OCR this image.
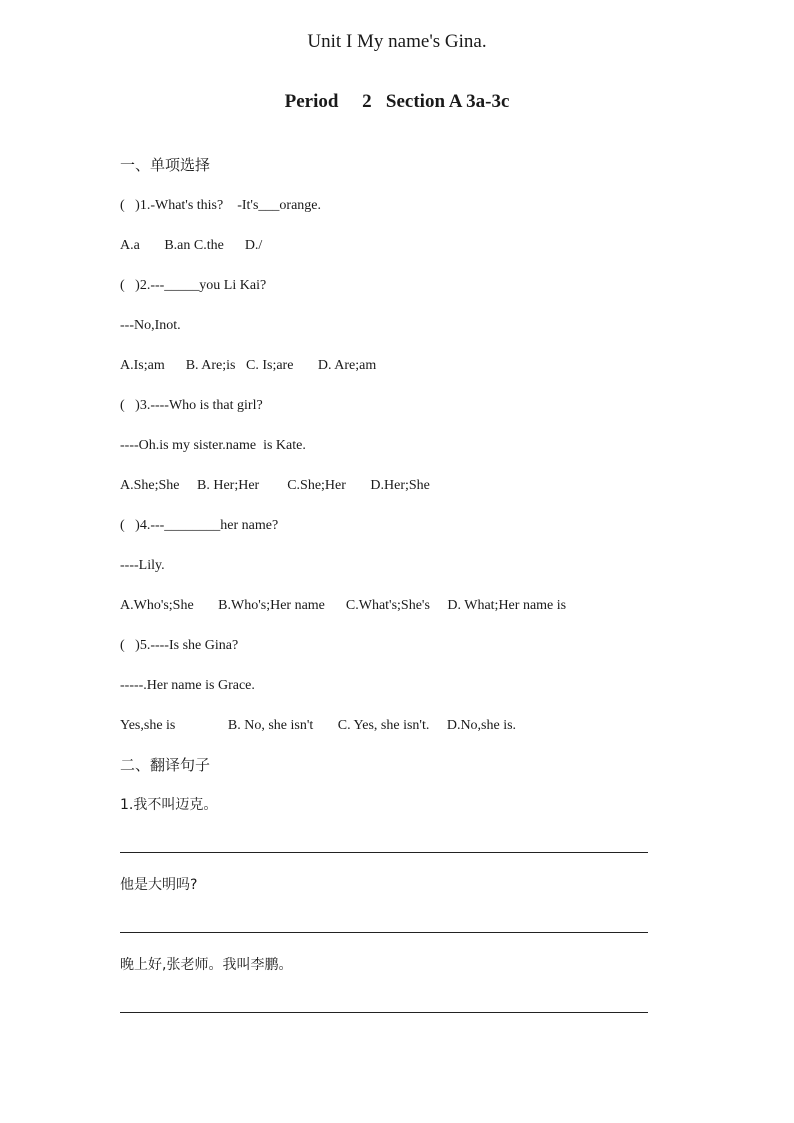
Unit I My name's Gina.
Period     2   Section A 3a-3c
一、单项选择
(   )1.-What's this?    -It's___orange.
A.a       B.an C.the      D./
(   )2.---_____you Li Kai?
---No,Inot.
A.Is;am      B. Are;is   C. Is;are       D. Are;am
(   )3.----Who is that girl?
----Oh.is my sister.name  is Kate.
A.She;She     B. Her;Her        C.She;Her       D.Her;She
(   )4.---________her name?
----Lily.
A.Who's;She       B.Who's;Her name      C.What's;She's     D. What;Her name is
(   )5.----Is she Gina?
-----.Her name is Grace.
Yes,she is               B. No, she isn't       C. Yes, she isn't.     D.No,she is.
二、翻译句子
1.我不叫迈克。
他是大明吗?
晚上好,张老师。我叫李鹏。
